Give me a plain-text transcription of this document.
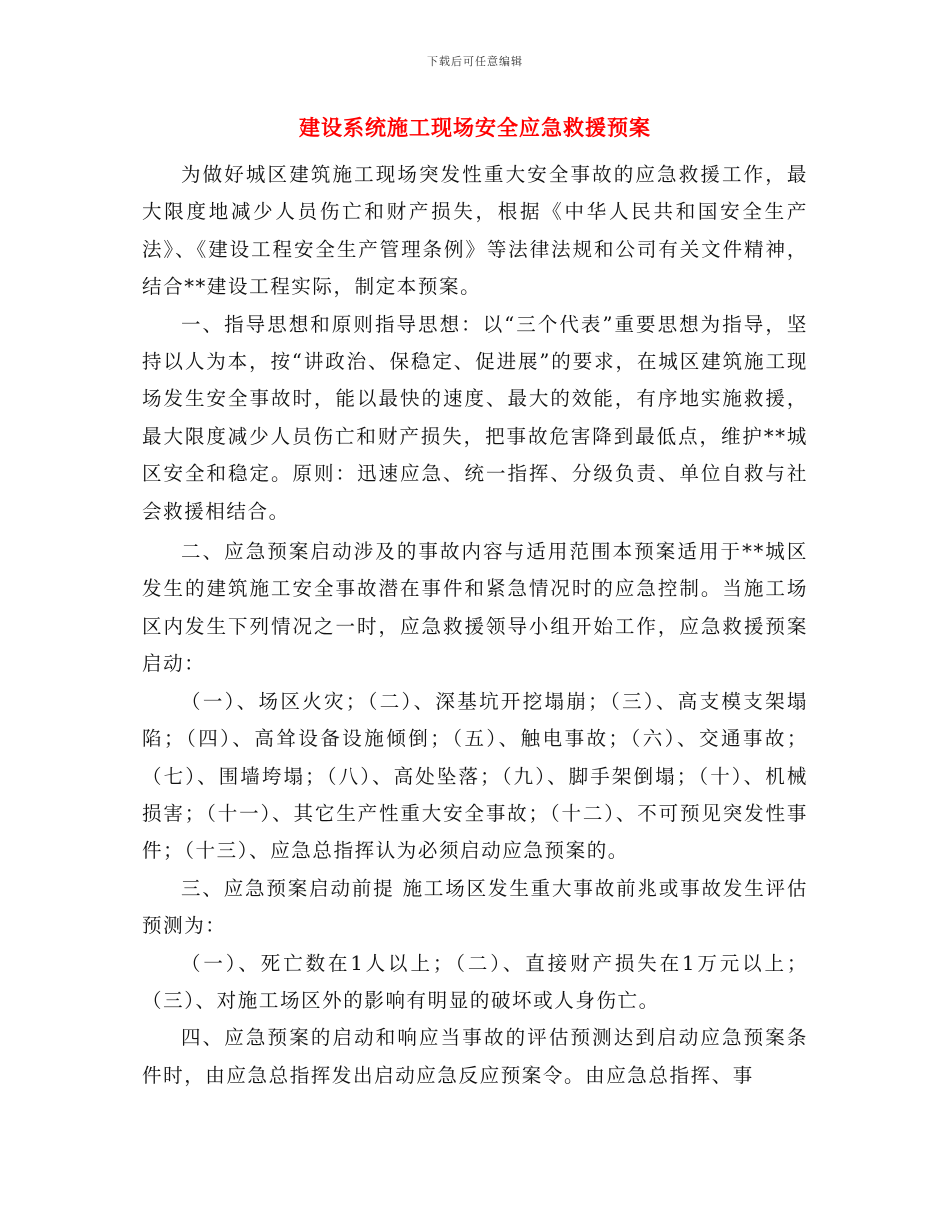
下载后可任意编辑
建设系统施工现场安全应急救援预案

为做好城区建筑施工现场突发性重大安全事故的应急救援工作，最大限度地减少人员伤亡和财产损失，根据《中华人民共和国安全生产法》、《建设工程安全生产管理条例》等法律法规和公司有关文件精神，结合**建设工程实际，制定本预案。

一、指导思想和原则指导思想：以“三个代表”重要思想为指导，坚持以人为本，按“讲政治、保稳定、促进展”的要求，在城区建筑施工现场发生安全事故时，能以最快的速度、最大的效能，有序地实施救援，最大限度减少人员伤亡和财产损失，把事故危害降到最低点，维护**城区安全和稳定。原则：迅速应急、统一指挥、分级负责、单位自救与社会救援相结合。

二、应急预案启动涉及的事故内容与适用范围本预案适用于**城区发生的建筑施工安全事故潜在事件和紧急情况时的应急控制。当施工场区内发生下列情况之一时，应急救援领导小组开始工作，应急救援预案启动：

（一）、场区火灾；（二）、深基坑开挖塌崩；（三）、高支模支架塌陷；（四）、高耸设备设施倾倒；（五）、触电事故；（六）、交通事故；（七）、围墙垮塌；（八）、高处坠落；（九）、脚手架倒塌；（十）、机械损害；（十一）、其它生产性重大安全事故；（十二）、不可预见突发性事件；（十三）、应急总指挥认为必须启动应急预案的。

三、应急预案启动前提 施工场区发生重大事故前兆或事故发生评估预测为：

（一）、死亡数在1人以上；（二）、直接财产损失在1万元以上；（三）、对施工场区外的影响有明显的破坏或人身伤亡。

四、应急预案的启动和响应当事故的评估预测达到启动应急预案条件时，由应急总指挥发出启动应急反应预案令。由应急总指挥、事
